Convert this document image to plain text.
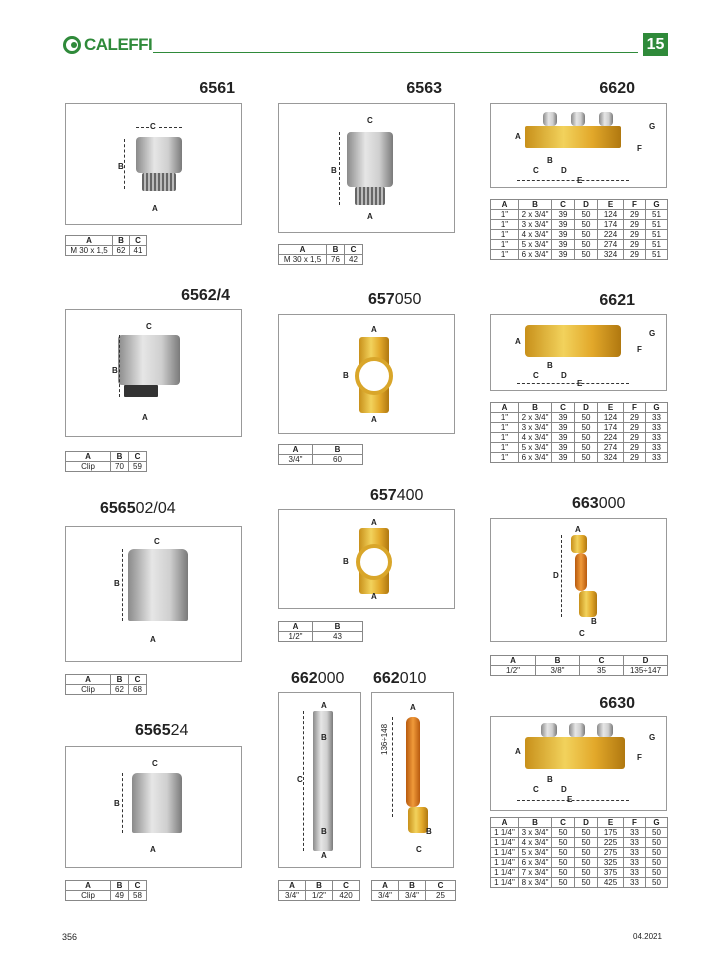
CALEFFI	15
6561
C
B
A
A	B	C
M 30 x 1,5	62	41
6562/4
C
B
A
A	B	C
Clip	70	59
656502/04
C
B
A
A	B	C
Clip	62	68
656524
C
B
A
A	B	C
Clip	49	58
6563
C
B
A
A	B	C
M 30 x 1,5	76	42
657050
A
B
A
A	B
3/4"	60
657400
A
B
A
A	B
1/2"	43
662000
A
B
C
B
A
A	B	C
3/4"	1/2"	420
662010
A
136÷148
B
C
A	B	C
3/4"	3/4"	25
6620
A
B
C	D
E
F
G
A	B	C	D	E	F	G
1"	2 x 3/4"	39	50	124	29	51
1"	3 x 3/4"	39	50	174	29	51
1"	4 x 3/4"	39	50	224	29	51
1"	5 x 3/4"	39	50	274	29	51
1"	6 x 3/4"	39	50	324	29	51
6621
A
B
C	D
E
F
G
A	B	C	D	E	F	G
1"	2 x 3/4"	39	50	124	29	33
1"	3 x 3/4"	39	50	174	29	33
1"	4 x 3/4"	39	50	224	29	33
1"	5 x 3/4"	39	50	274	29	33
1"	6 x 3/4"	39	50	324	29	33
663000
A
D
B
C
A	B	C	D
1/2"	3/8"	35	135÷147
6630
A
B
C	D
E
F
G
A	B	C	D	E	F	G
1 1/4"	3 x 3/4"	50	50	175	33	50
1 1/4"	4 x 3/4"	50	50	225	33	50
1 1/4"	5 x 3/4"	50	50	275	33	50
1 1/4"	6 x 3/4"	50	50	325	33	50
1 1/4"	7 x 3/4"	50	50	375	33	50
1 1/4"	8 x 3/4"	50	50	425	33	50
356	04.2021
